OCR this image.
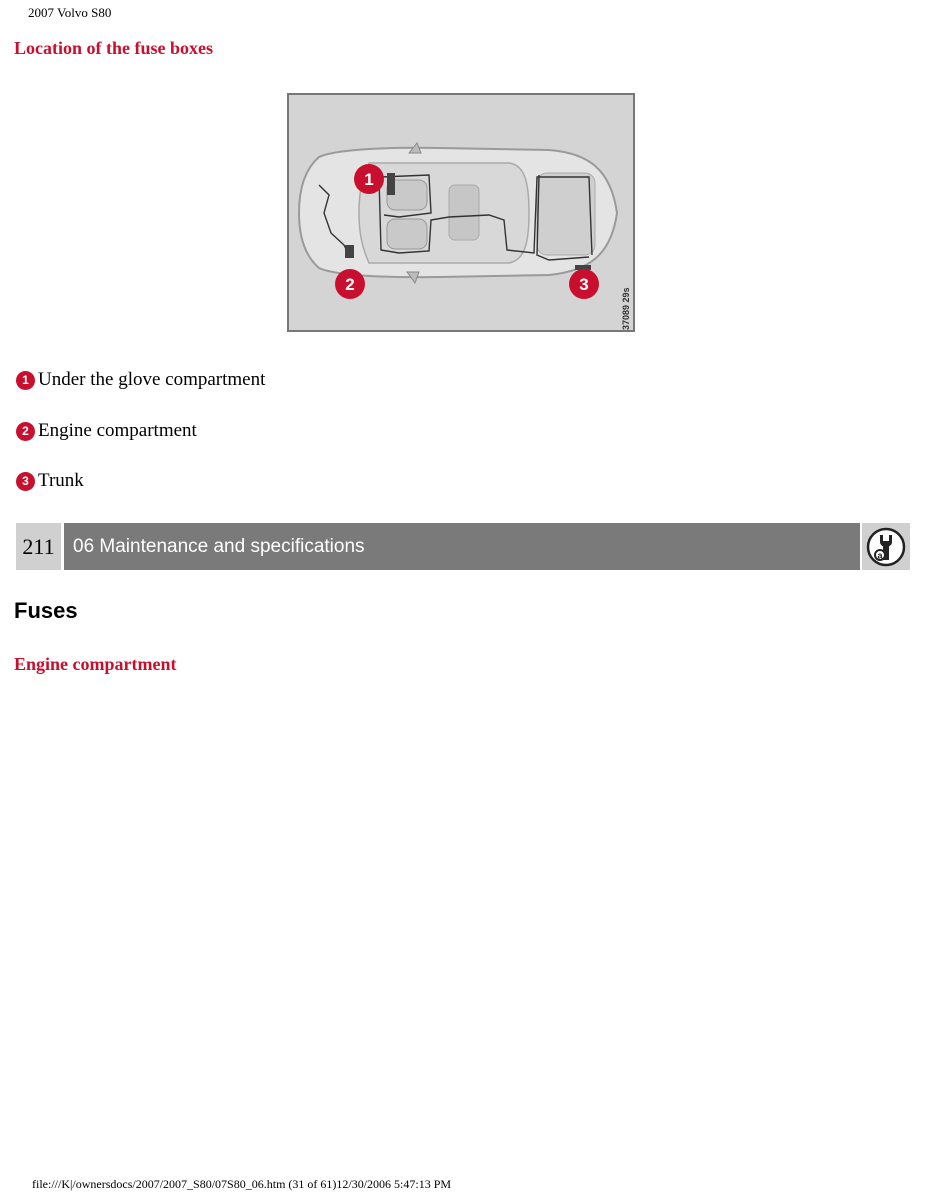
2007 Volvo S80
Location of the fuse boxes
1
2	3
37089 29s
1 Under the glove compartment
2 Engine compartment
3 Trunk
211 06 Maintenance and specifications	a
Fuses
Engine compartment
file:///K|/ownersdocs/2007/2007_S80/07S80_06.htm (31 of 61)12/30/2006 5:47:13 PM
